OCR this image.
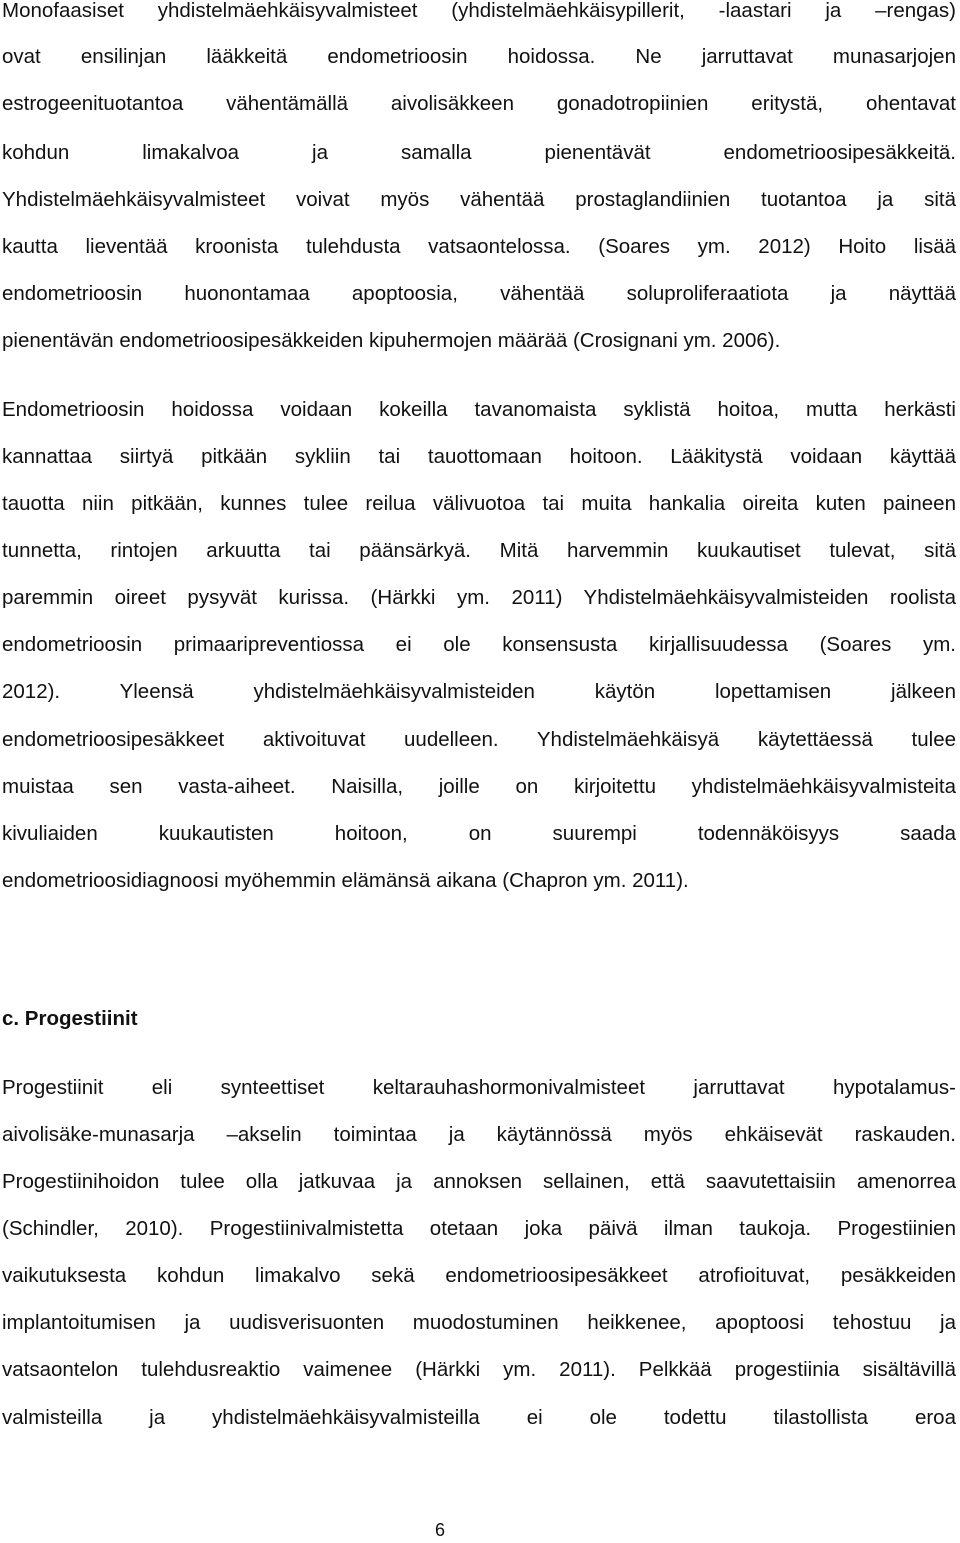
Monofaasiset yhdistelmäehkäisyvalmisteet (yhdistelmäehkäisypillerit, -laastari ja –rengas)
ovat ensilinjan lääkkeitä endometrioosin hoidossa. Ne jarruttavat munasarjojen
estrogeenituotantoa vähentämällä aivolisäkkeen gonadotropiinien eritystä, ohentavat
kohdun limakalvoa ja samalla pienentävät endometrioosipesäkkeitä.
Yhdistelmäehkäisyvalmisteet voivat myös vähentää prostaglandiinien tuotantoa ja sitä
kautta lieventää kroonista tulehdusta vatsaontelossa. (Soares ym. 2012) Hoito lisää
endometrioosin huonontamaa apoptoosia, vähentää soluproliferaatiota ja näyttää
pienentävän endometrioosipesäkkeiden kipuhermojen määrää (Crosignani ym. 2006).
Endometrioosin hoidossa voidaan kokeilla tavanomaista syklistä hoitoa, mutta herkästi
kannattaa siirtyä pitkään sykliin tai tauottomaan hoitoon. Lääkitystä voidaan käyttää
tauotta niin pitkään, kunnes tulee reilua välivuotoa tai muita hankalia oireita kuten paineen
tunnetta, rintojen arkuutta tai päänsärkyä. Mitä harvemmin kuukautiset tulevat, sitä
paremmin oireet pysyvät kurissa. (Härkki ym. 2011) Yhdistelmäehkäisyvalmisteiden roolista
endometrioosin primaaripreventiossa ei ole konsensusta kirjallisuudessa (Soares ym.
2012). Yleensä yhdistelmäehkäisyvalmisteiden käytön lopettamisen jälkeen
endometrioosipesäkkeet aktivoituvat uudelleen. Yhdistelmäehkäisyä käytettäessä tulee
muistaa sen vasta-aiheet. Naisilla, joille on kirjoitettu yhdistelmäehkäisyvalmisteita
kivuliaiden kuukautisten hoitoon, on suurempi todennäköisyys saada
endometrioosidiagnoosi myöhemmin elämänsä aikana (Chapron ym. 2011).
c. Progestiinit
Progestiinit eli synteettiset keltarauhashormonivalmisteet jarruttavat hypotalamus-
aivolisäke-munasarja –akselin toimintaa ja käytännössä myös ehkäisevät raskauden.
Progestiinihoidon tulee olla jatkuvaa ja annoksen sellainen, että saavutettaisiin amenorrea
(Schindler, 2010). Progestiinivalmistetta otetaan joka päivä ilman taukoja. Progestiinien
vaikutuksesta kohdun limakalvo sekä endometrioosipesäkkeet atrofioituvat, pesäkkeiden
implantoitumisen ja uudisverisuonten muodostuminen heikkenee, apoptoosi tehostuu ja
vatsaontelon tulehdusreaktio vaimenee (Härkki ym. 2011). Pelkkää progestiinia sisältävillä
valmisteilla ja yhdistelmäehkäisyvalmisteilla ei ole todettu tilastollista eroa
6
